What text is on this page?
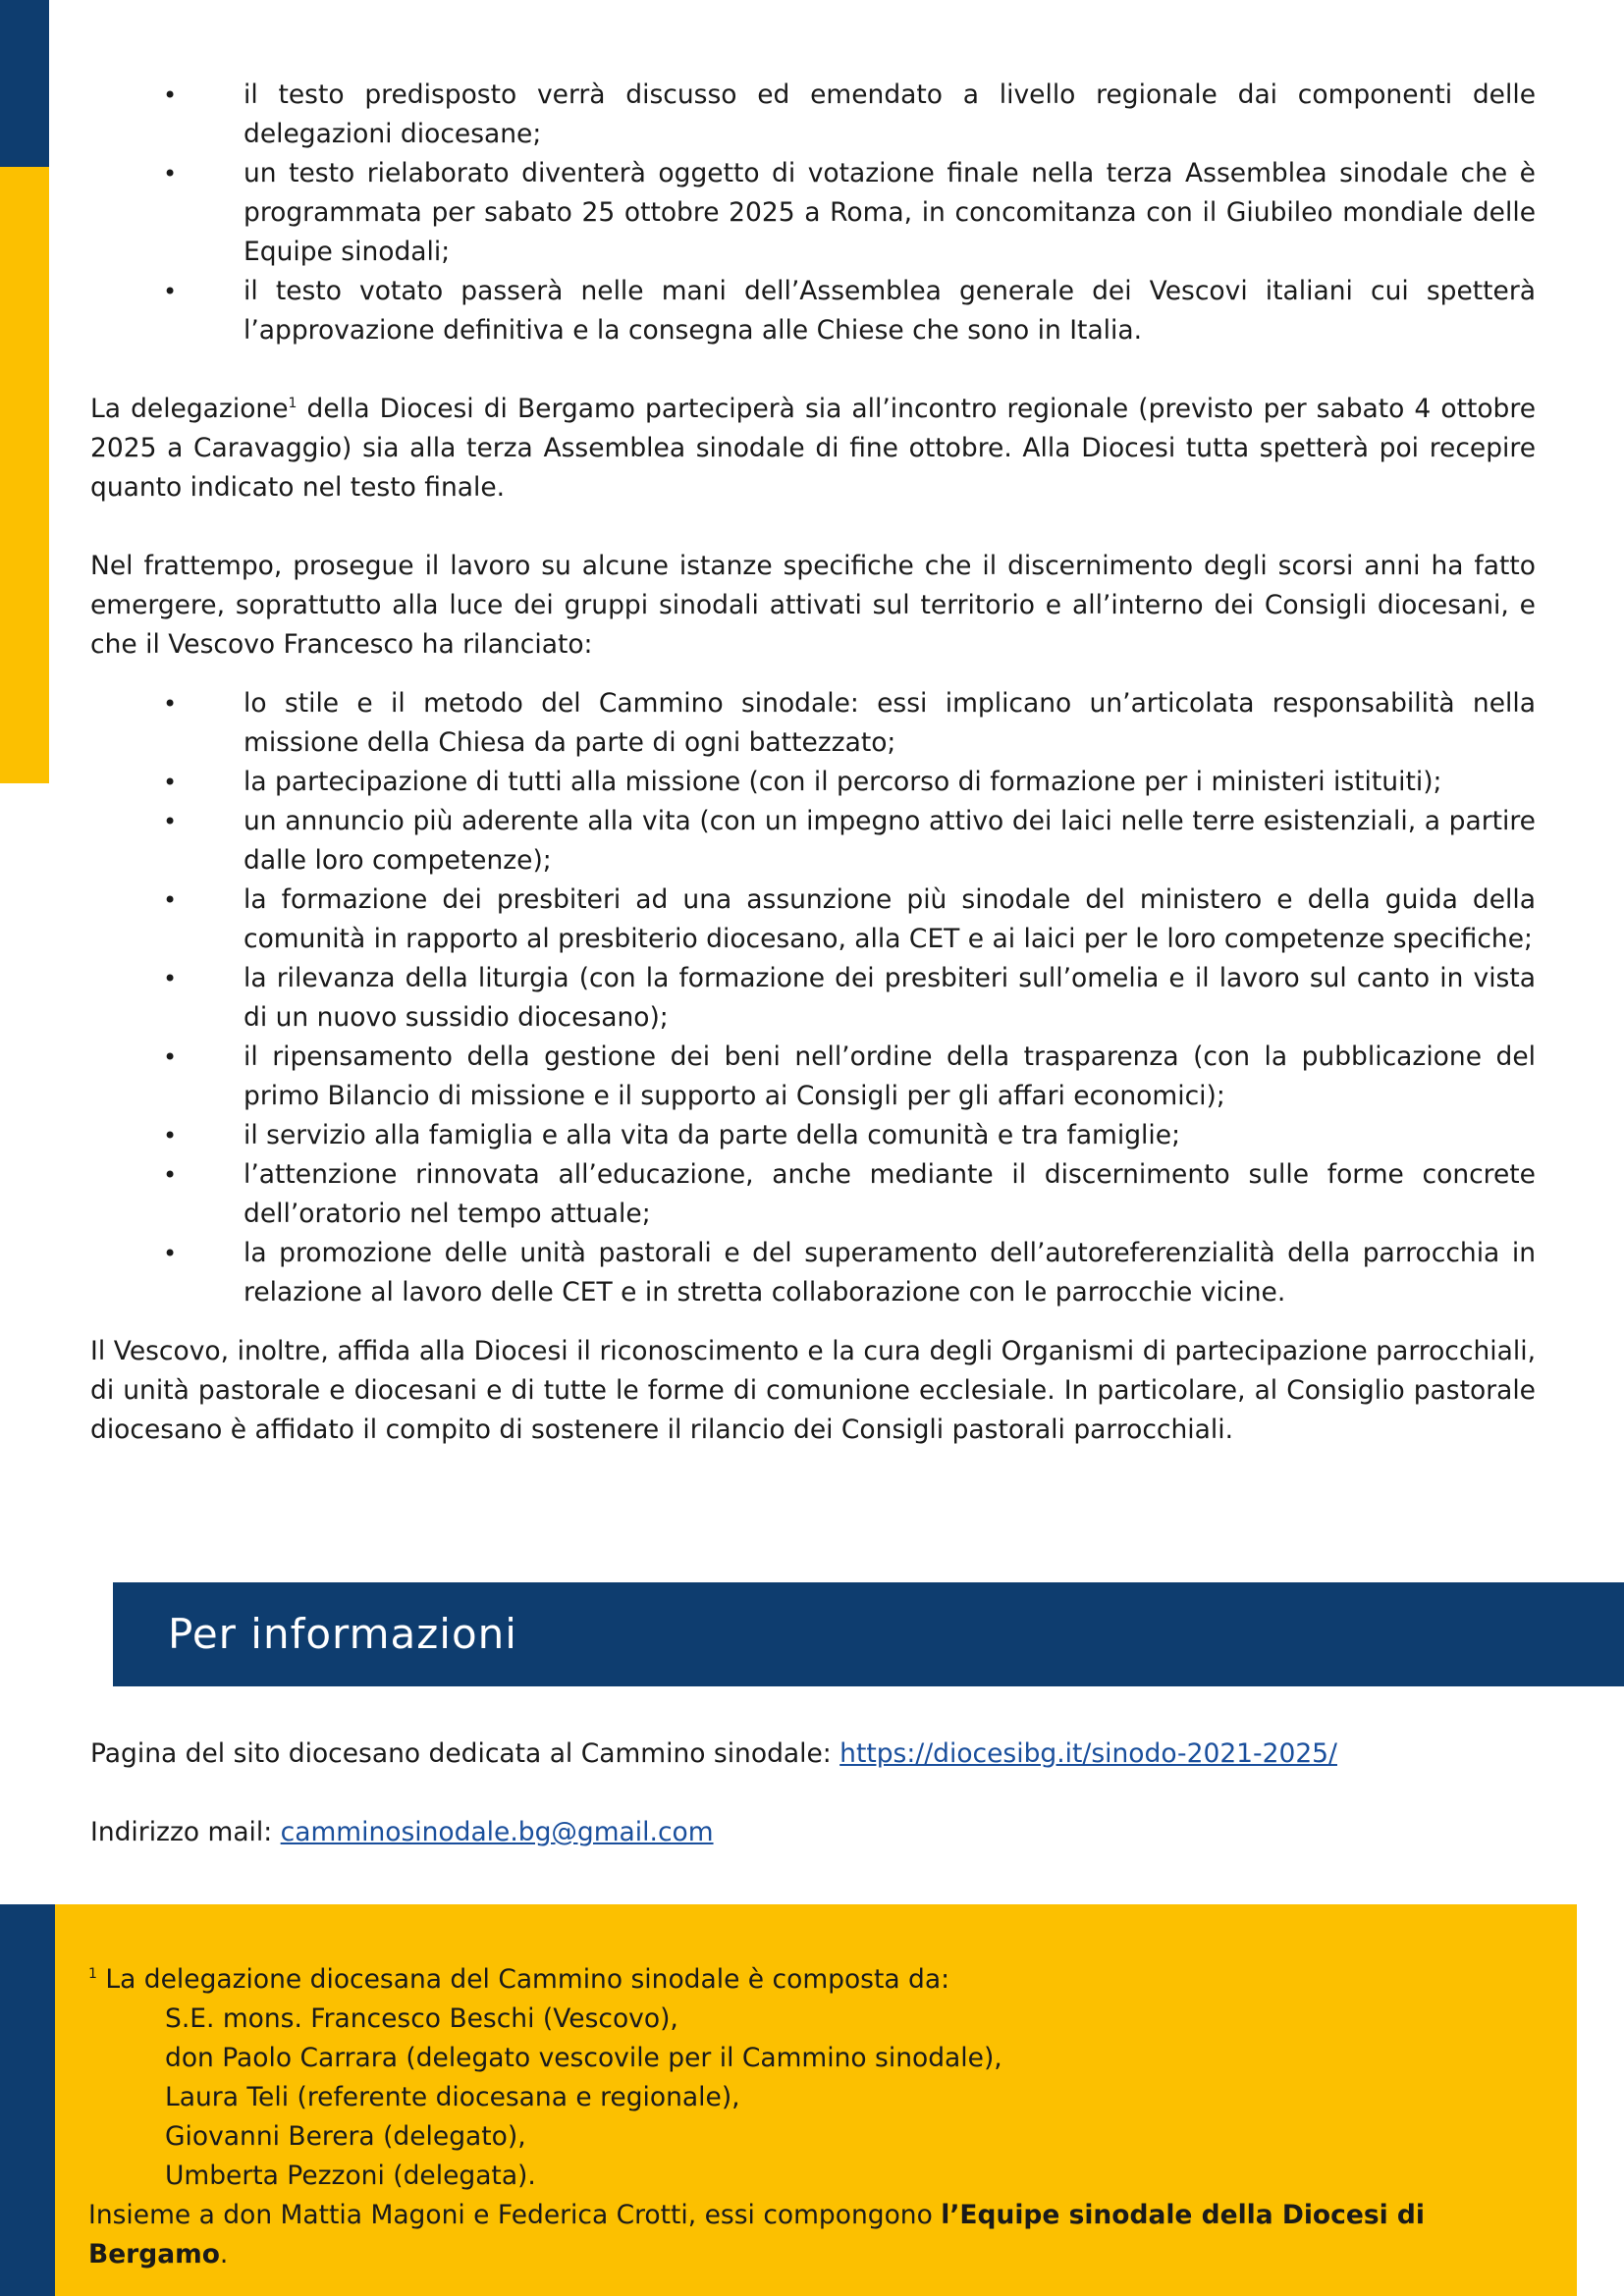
• il testo predisposto verrà discusso ed emendato a livello regionale dai componenti delle delegazioni diocesane;
• un testo rielaborato diventerà oggetto di votazione finale nella terza Assemblea sinodale che è programmata per sabato 25 ottobre 2025 a Roma, in concomitanza con il Giubileo mondiale delle Equipe sinodali;
• il testo votato passerà nelle mani dell’Assemblea generale dei Vescovi italiani cui spetterà l’approvazione definitiva e la consegna alle Chiese che sono in Italia.

La delegazione$^1$ della Diocesi di Bergamo parteciperà sia all’incontro regionale (previsto per sabato 4 ottobre 2025 a Caravaggio) sia alla terza Assemblea sinodale di fine ottobre. Alla Diocesi tutta spetterà poi recepire quanto indicato nel testo finale.

Nel frattempo, prosegue il lavoro su alcune istanze specifiche che il discernimento degli scorsi anni ha fatto emergere, soprattutto alla luce dei gruppi sinodali attivati sul territorio e all’interno dei Consigli diocesani, e che il Vescovo Francesco ha rilanciato:

• lo stile e il metodo del Cammino sinodale: essi implicano un’articolata responsabilità nella missione della Chiesa da parte di ogni battezzato;
• la partecipazione di tutti alla missione (con il percorso di formazione per i ministeri istituiti);
• un annuncio più aderente alla vita (con un impegno attivo dei laici nelle terre esistenziali, a partire dalle loro competenze);
• la formazione dei presbiteri ad una assunzione più sinodale del ministero e della guida della comunità in rapporto al presbiterio diocesano, alla CET e ai laici per le loro competenze specifiche;
• la rilevanza della liturgia (con la formazione dei presbiteri sull’omelia e il lavoro sul canto in vista di un nuovo sussidio diocesano);
• il ripensamento della gestione dei beni nell’ordine della trasparenza (con la pubblicazione del primo Bilancio di missione e il supporto ai Consigli per gli affari economici);
• il servizio alla famiglia e alla vita da parte della comunità e tra famiglie;
• l’attenzione rinnovata all’educazione, anche mediante il discernimento sulle forme concrete dell’oratorio nel tempo attuale;
• la promozione delle unità pastorali e del superamento dell’autoreferenzialità della parrocchia in relazione al lavoro delle CET e in stretta collaborazione con le parrocchie vicine.

Il Vescovo, inoltre, affida alla Diocesi il riconoscimento e la cura degli Organismi di partecipazione parrocchiali, di unità pastorale e diocesani e di tutte le forme di comunione ecclesiale. In particolare, al Consiglio pastorale diocesano è affidato il compito di sostenere il rilancio dei Consigli pastorali parrocchiali.

Per informazioni
Pagina del sito diocesano dedicata al Cammino sinodale: https://diocesibg.it/sinodo-2021-2025/
Indirizzo mail: camminosinodale.bg@gmail.com
$^1$ La delegazione diocesana del Cammino sinodale è composta da:
S.E. mons. Francesco Beschi (Vescovo),
don Paolo Carrara (delegato vescovile per il Cammino sinodale),
Laura Teli (referente diocesana e regionale),
Giovanni Berera (delegato),
Umberta Pezzoni (delegata).
Insieme a don Mattia Magoni e Federica Crotti, essi compongono l’Equipe sinodale della Diocesi di Bergamo.
